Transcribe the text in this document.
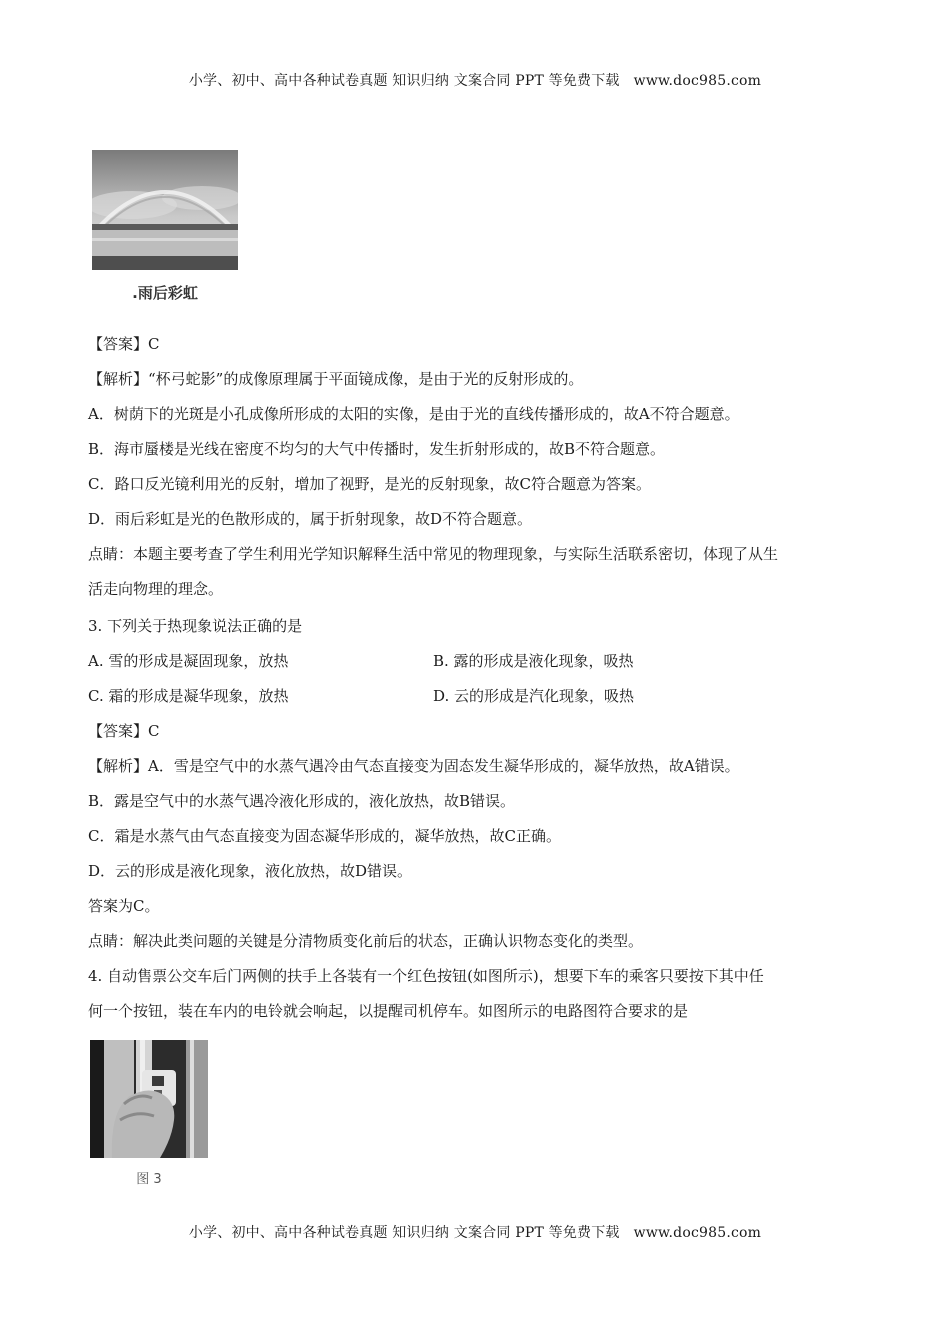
小学、初中、高中各种试卷真题 知识归纳 文案合同 PPT 等免费下载 www.doc985.com
.雨后彩虹
【答案】C
【解析】“杯弓蛇影”的成像原理属于平面镜成像，是由于光的反射形成的。
A．树荫下的光斑是小孔成像所形成的太阳的实像，是由于光的直线传播形成的，故A不符合题意。
B．海市蜃楼是光线在密度不均匀的大气中传播时，发生折射形成的，故B不符合题意。
C．路口反光镜利用光的反射，增加了视野，是光的反射现象，故C符合题意为答案。
D．雨后彩虹是光的色散形成的，属于折射现象，故D不符合题意。
点睛：本题主要考查了学生利用光学知识解释生活中常见的物理现象，与实际生活联系密切，体现了从生
活走向物理的理念。
3. 下列关于热现象说法正确的是
A. 雪的形成是凝固现象，放热	B. 露的形成是液化现象，吸热
C. 霜的形成是凝华现象，放热	D. 云的形成是汽化现象，吸热
【答案】C
【解析】A．雪是空气中的水蒸气遇冷由气态直接变为固态发生凝华形成的，凝华放热，故A错误。
B．露是空气中的水蒸气遇冷液化形成的，液化放热，故B错误。
C．霜是水蒸气由气态直接变为固态凝华形成的，凝华放热，故C正确。
D．云的形成是液化现象，液化放热，故D错误。
答案为C。
点睛：解决此类问题的关键是分清物质变化前后的状态，正确认识物态变化的类型。
4. 自动售票公交车后门两侧的扶手上各装有一个红色按钮(如图所示)，想要下车的乘客只要按下其中任
何一个按钮，装在车内的电铃就会响起，以提醒司机停车。如图所示的电路图符合要求的是
图 3
小学、初中、高中各种试卷真题 知识归纳 文案合同 PPT 等免费下载 www.doc985.com
